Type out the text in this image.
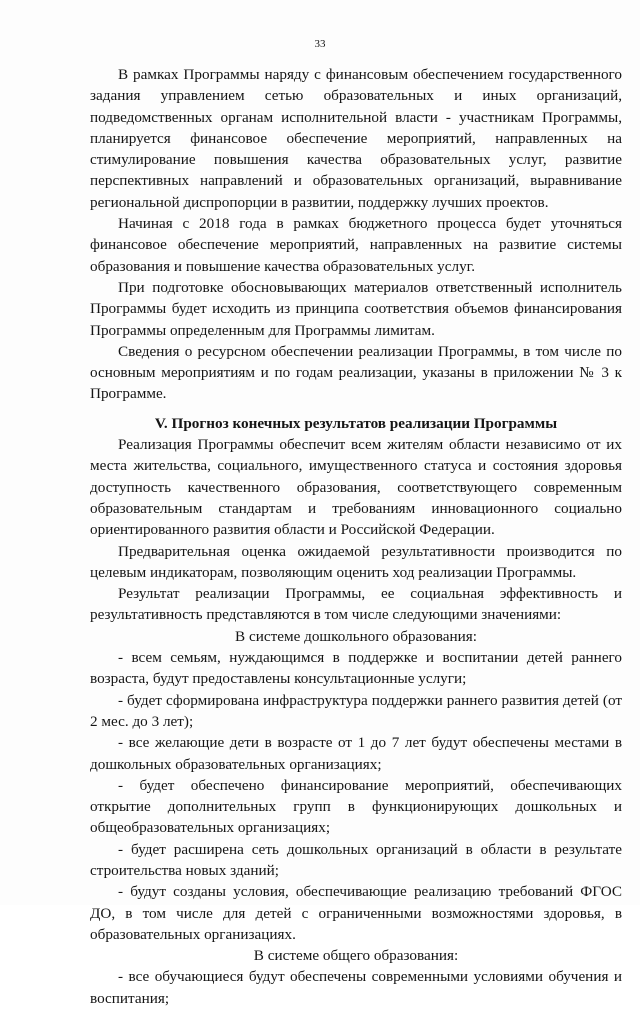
33

В рамках Программы наряду с финансовым обеспечением государственного задания управлением сетью образовательных и иных организаций, подведомственных органам исполнительной власти - участникам Программы, планируется финансовое обеспечение мероприятий, направленных на стимулирование повышения качества образовательных услуг, развитие перспективных направлений и образовательных организаций, выравнивание региональной диспропорции в развитии, поддержку лучших проектов.

Начиная с 2018 года в рамках бюджетного процесса будет уточняться финансовое обеспечение мероприятий, направленных на развитие системы образования и повышение качества образовательных услуг.

При подготовке обосновывающих материалов ответственный исполнитель Программы будет исходить из принципа соответствия объемов финансирования Программы определенным для Программы лимитам.

Сведения о ресурсном обеспечении реализации Программы, в том числе по основным мероприятиям и по годам реализации, указаны в приложении № 3 к Программе.

V. Прогноз конечных результатов реализации Программы

Реализация Программы обеспечит всем жителям области независимо от их места жительства, социального, имущественного статуса и состояния здоровья доступность качественного образования, соответствующего современным образовательным стандартам и требованиям инновационного социально ориентированного развития области и Российской Федерации.

Предварительная оценка ожидаемой результативности производится по целевым индикаторам, позволяющим оценить ход реализации Программы.

Результат реализации Программы, ее социальная эффективность и результативность представляются в том числе следующими значениями:

В системе дошкольного образования:

- всем семьям, нуждающимся в поддержке и воспитании детей раннего возраста, будут предоставлены консультационные услуги;

- будет сформирована инфраструктура поддержки раннего развития детей (от 2 мес. до 3 лет);

- все желающие дети в возрасте от 1 до 7 лет будут обеспечены местами в дошкольных образовательных организациях;

- будет обеспечено финансирование мероприятий, обеспечивающих открытие дополнительных групп в функционирующих дошкольных и общеобразовательных организациях;

- будет расширена сеть дошкольных организаций в области в результате строительства новых зданий;

- будут созданы условия, обеспечивающие реализацию требований ФГОС ДО, в том числе для детей с ограниченными возможностями здоровья, в образовательных организациях.

В системе общего образования:

- все обучающиеся будут обеспечены современными условиями обучения и воспитания;
